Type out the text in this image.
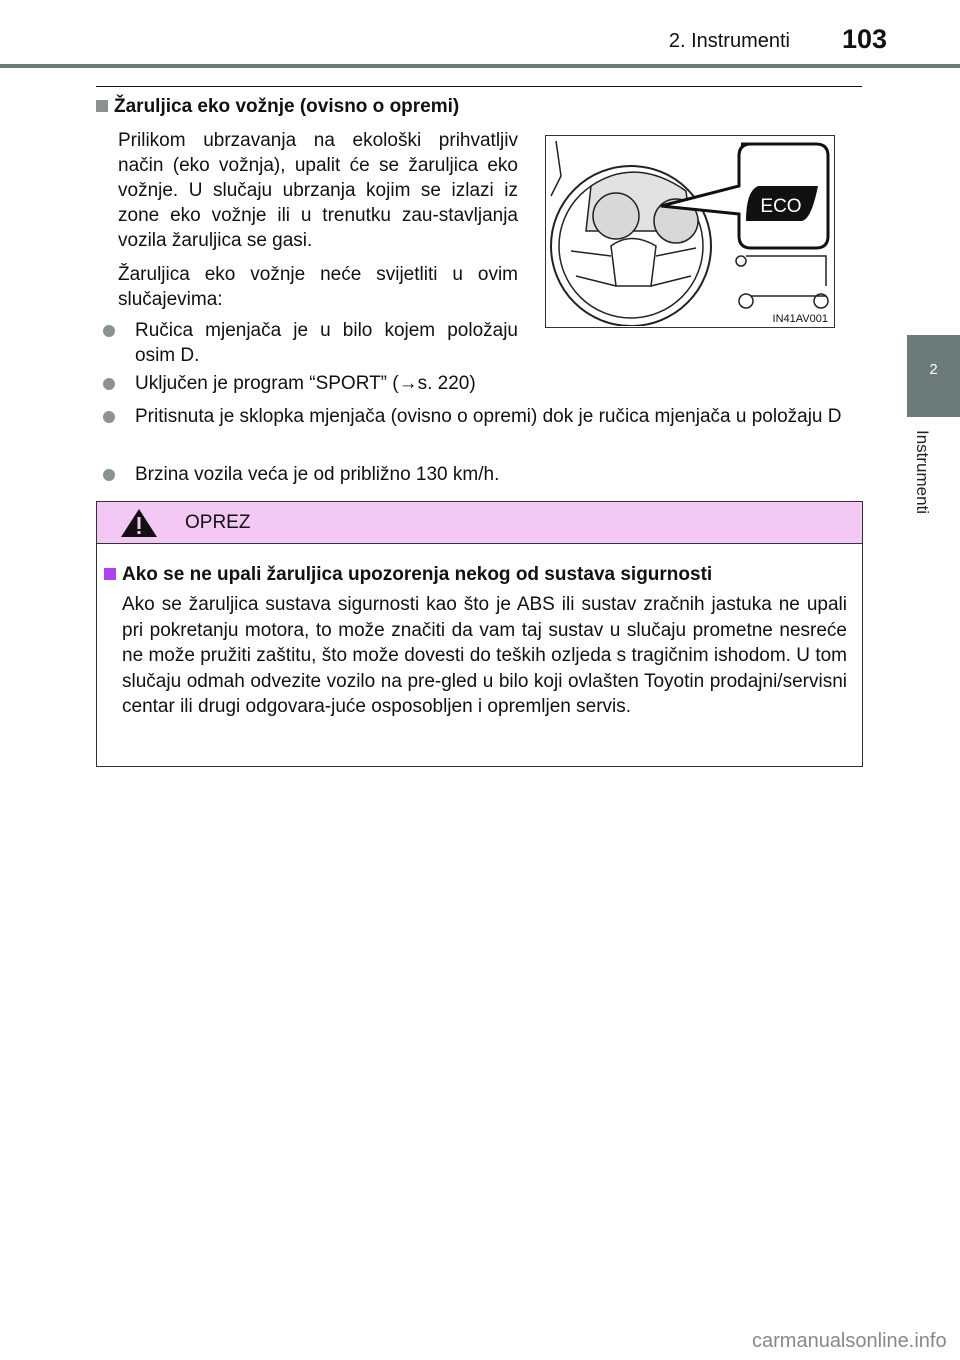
2. Instrumenti 103
2
Instrumenti
Žaruljica eko vožnje (ovisno o opremi)
Prilikom ubrzavanja na ekološki prihvatljiv način (eko vožnja), upalit će se žaruljica eko vožnje. U slučaju ubrzanja kojim se izlazi iz zone eko vožnje ili u trenutku zau-stavljanja vozila žaruljica se gasi.
Žaruljica eko vožnje neće svijetliti u ovim slučajevima:
Ručica mjenjača je u bilo kojem položaju osim D.
Uključen je program “SPORT” (→s. 220)
Pritisnuta je sklopka mjenjača (ovisno o opremi) dok je ručica mjenjača u položaju D
Brzina vozila veća je od približno 130 km/h.
ECO
IN41AV001
OPREZ
Ako se ne upali žaruljica upozorenja nekog od sustava sigurnosti
Ako se žaruljica sustava sigurnosti kao što je ABS ili sustav zračnih jastuka ne upali pri pokretanju motora, to može značiti da vam taj sustav u slučaju prometne nesreće ne može pružiti zaštitu, što može dovesti do teških ozljeda s tragičnim ishodom. U tom slučaju odmah odvezite vozilo na pre-gled u bilo koji ovlašten Toyotin prodajni/servisni centar ili drugi odgovara-juće osposobljen i opremljen servis.
carmanualsonline.info
